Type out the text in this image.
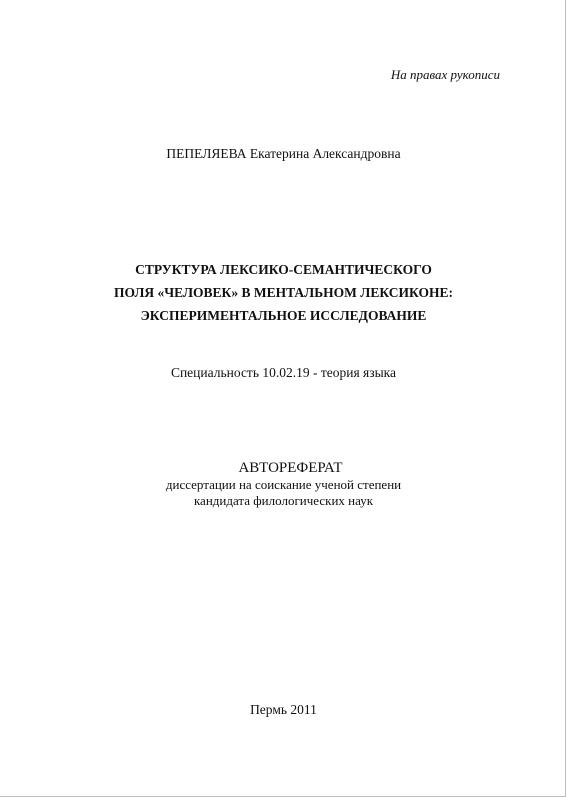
На правах рукописи
ПЕПЕЛЯЕВА Екатерина Александровна
СТРУКТУРА ЛЕКСИКО-СЕМАНТИЧЕСКОГО
ПОЛЯ «ЧЕЛОВЕК» В МЕНТАЛЬНОМ ЛЕКСИКОНЕ:
ЭКСПЕРИМЕНТАЛЬНОЕ ИССЛЕДОВАНИЕ
Специальность 10.02.19 - теория языка
АВТОРЕФЕРАТ
диссертации на соискание ученой степени
кандидата филологических наук
Пермь 2011
